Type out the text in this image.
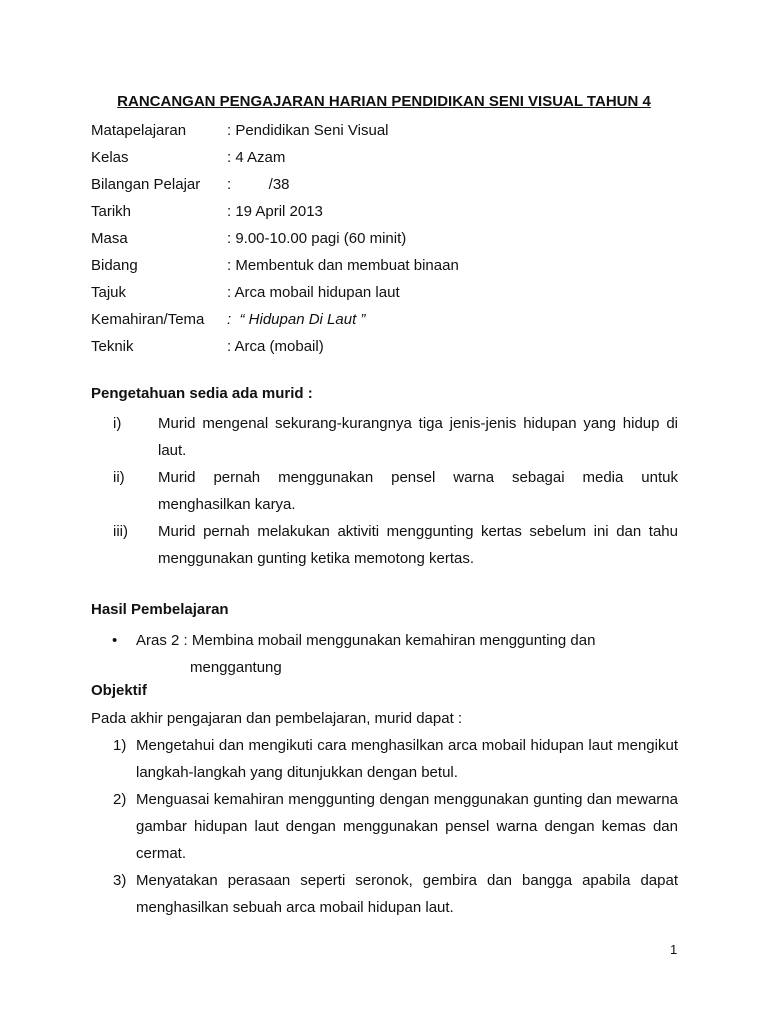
RANCANGAN PENGAJARAN HARIAN PENDIDIKAN SENI VISUAL TAHUN 4
Matapelajaran	: Pendidikan Seni Visual
Kelas	: 4 Azam
Bilangan Pelajar :         /38
Tarikh	: 19 April 2013
Masa	: 9.00-10.00 pagi (60 minit)
Bidang	: Membentuk dan membuat binaan
Tajuk	: Arca mobail hidupan laut
Kemahiran/Tema :  “ Hidupan Di Laut ”
Teknik	: Arca (mobail)
Pengetahuan sedia ada murid :
i) Murid mengenal sekurang-kurangnya tiga jenis-jenis hidupan yang hidup di laut.
ii) Murid pernah menggunakan pensel warna sebagai media untuk menghasilkan karya.
iii) Murid pernah melakukan aktiviti menggunting kertas sebelum ini dan tahu menggunakan gunting ketika memotong kertas.
Hasil Pembelajaran
• Aras 2 : Membina mobail menggunakan kemahiran menggunting dan
menggantung
Objektif
Pada akhir pengajaran dan pembelajaran, murid dapat :
1) Mengetahui dan mengikuti cara menghasilkan arca mobail hidupan laut mengikut langkah-langkah yang ditunjukkan dengan betul.
2) Menguasai kemahiran menggunting dengan menggunakan gunting dan mewarna gambar hidupan laut dengan menggunakan pensel warna dengan kemas dan cermat.
3) Menyatakan perasaan seperti seronok, gembira dan bangga apabila dapat menghasilkan sebuah arca mobail hidupan laut.
1
